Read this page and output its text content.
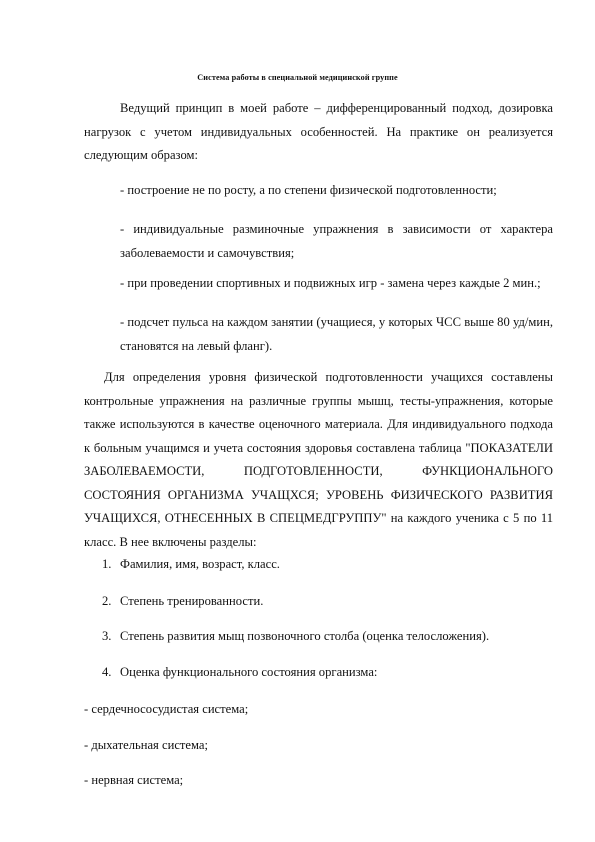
Система работы в специальной медицинской группе

Ведущий принцип в моей работе – дифференцированный подход, дозировка нагрузок с учетом индивидуальных особенностей. На практике он реализуется следующим образом:

- построение не по росту, а по степени физической подготовленности;

- индивидуальные разминочные упражнения в зависимости от характера заболеваемости и самочувствия;

- при проведении спортивных и подвижных игр - замена через каждые 2 мин.;

- подсчет пульса на каждом занятии (учащиеся, у которых ЧСС выше 80 уд/мин, становятся на левый фланг).

Для определения уровня физической подготовленности учащихся составлены контрольные упражнения на различные группы мышц, тесты-упражнения, которые также используются в качестве оценочного материала. Для индивидуального подхода к больным учащимся и учета состояния здоровья составлена таблица "ПОКАЗАТЕЛИ ЗАБОЛЕВАЕМОСТИ, ПОДГОТОВЛЕННОСТИ, ФУНКЦИОНАЛЬНОГО СОСТОЯНИЯ ОРГАНИЗМА УЧАЩХСЯ; УРОВЕНЬ ФИЗИЧЕСКОГО РАЗВИТИЯ УЧАЩИХСЯ, ОТНЕСЕННЫХ В СПЕЦМЕДГРУППУ" на каждого ученика с 5 по 11 класс. В нее включены разделы:

1. Фамилия, имя, возраст, класс.

2. Степень тренированности.

3. Степень развития мыщ позвоночного столба (оценка телосложения).

4. Оценка функционального состояния организма:

- сердечнососудистая система;

- дыхательная система;

- нервная система;
